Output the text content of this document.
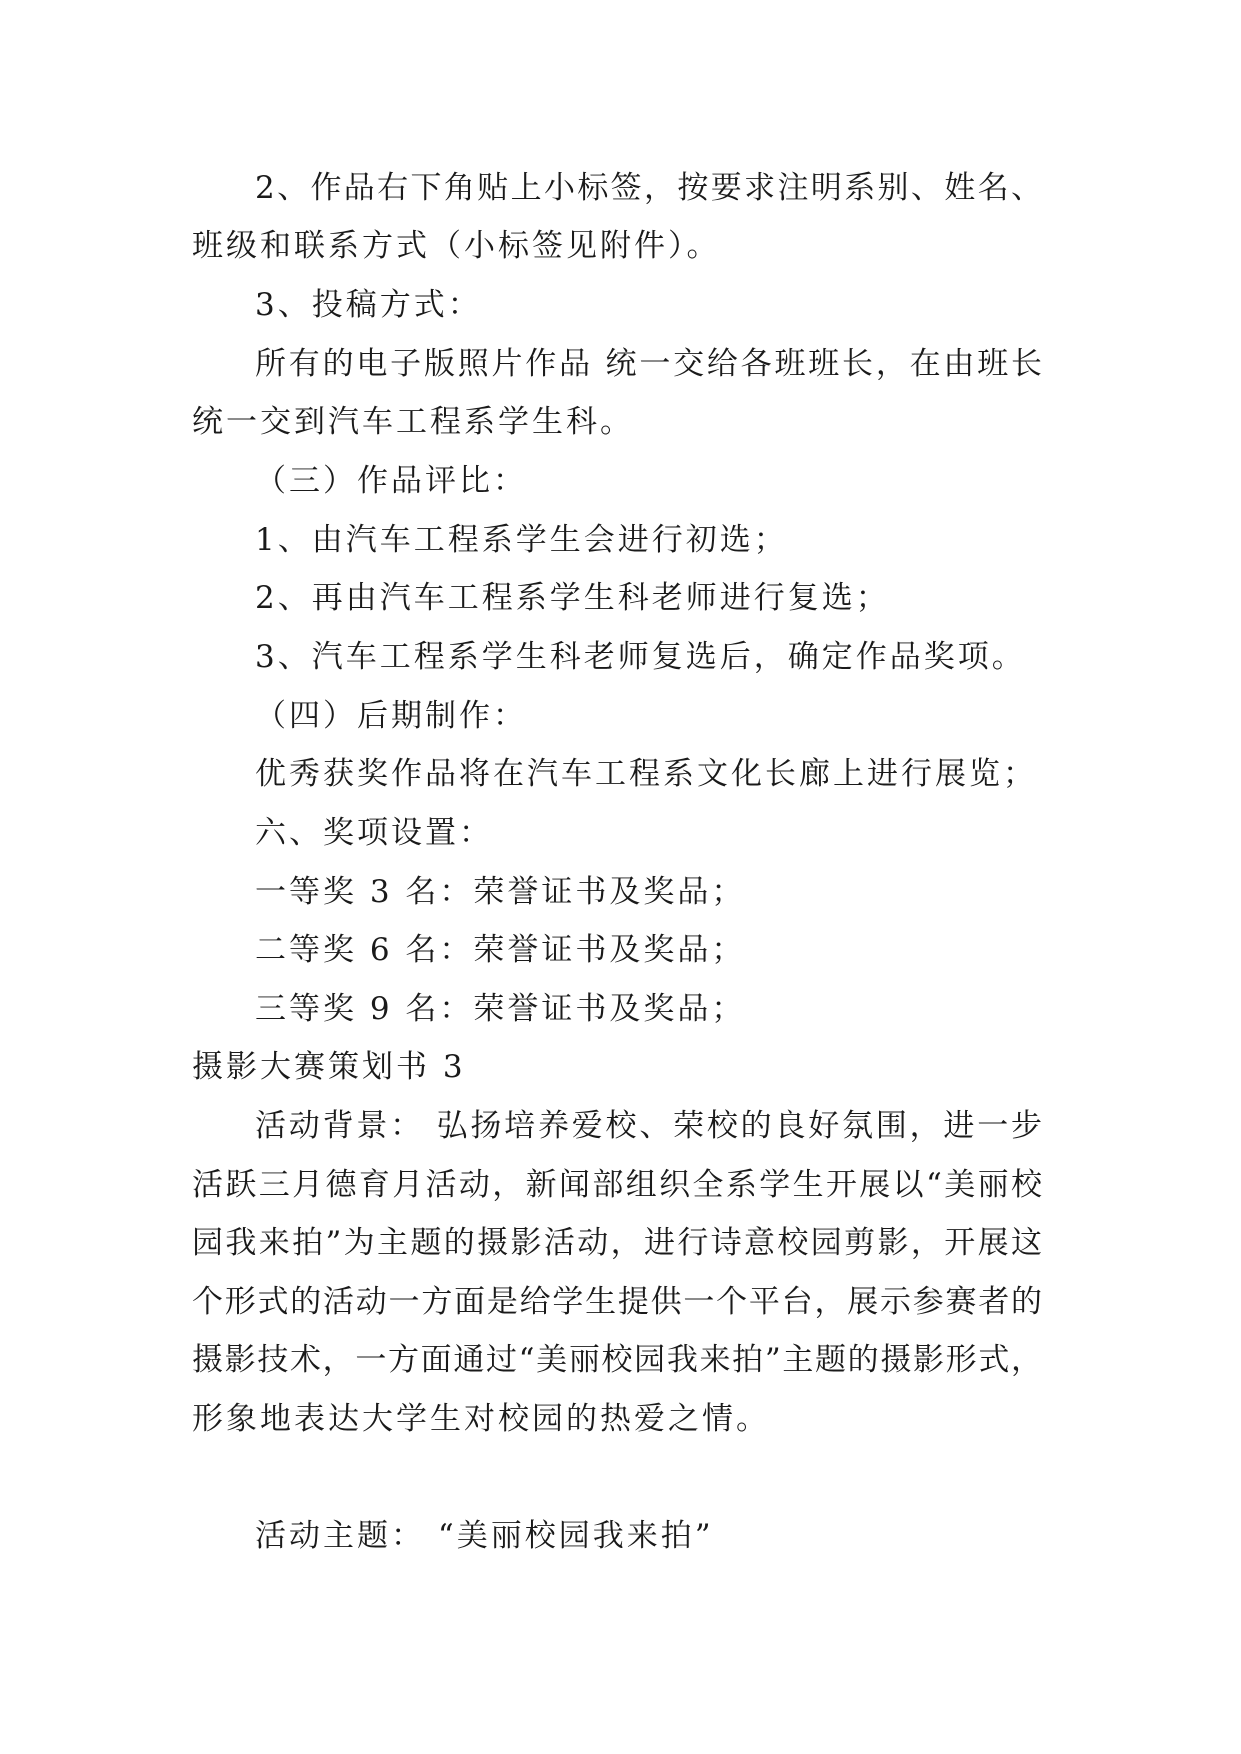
2、作品右下角贴上小标签，按要求注明系别、姓名、
班级和联系方式（小标签见附件）。
3、投稿方式：
所有的电子版照片作品 统一交给各班班长，在由班长
统一交到汽车工程系学生科。
（三）作品评比：
1、由汽车工程系学生会进行初选；
2、再由汽车工程系学生科老师进行复选；
3、汽车工程系学生科老师复选后，确定作品奖项。
（四）后期制作：
优秀获奖作品将在汽车工程系文化长廊上进行展览；
六、奖项设置：
一等奖 3 名：荣誉证书及奖品；
二等奖 6 名：荣誉证书及奖品；
三等奖 9 名：荣誉证书及奖品；
摄影大赛策划书 3
活动背景： 弘扬培养爱校、荣校的良好氛围，进一步
活跃三月德育月活动，新闻部组织全系学生开展以“美丽校
园我来拍”为主题的摄影活动，进行诗意校园剪影，开展这
个形式的活动一方面是给学生提供一个平台，展示参赛者的
摄影技术，一方面通过“美丽校园我来拍”主题的摄影形式，
形象地表达大学生对校园的热爱之情。
活动主题： “美丽校园我来拍”
